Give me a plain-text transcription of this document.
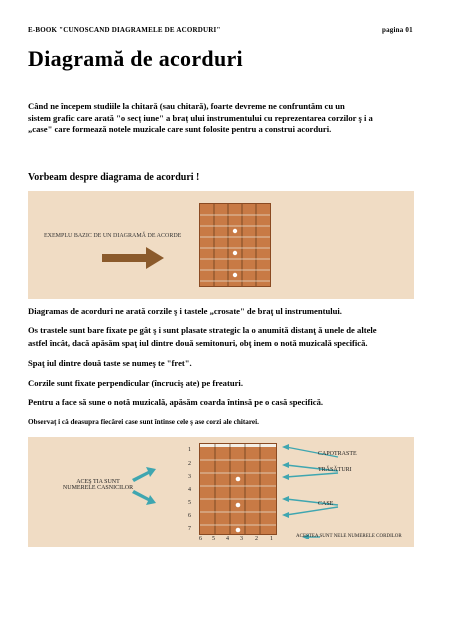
E-BOOK "CUNOSCAND DIAGRAMELE DE ACORDURI"	pagina 01
Diagramă de acorduri
Când ne începem studiile la chitară (sau chitară), foarte devreme ne confruntăm cu un
sistem grafic care arată "o secț iune" a braț ului instrumentului cu reprezentarea corzilor ş i a
„case" care formează notele muzicale care sunt folosite pentru a construi acorduri.
Vorbeam despre diagrama de acorduri !
EXEMPLU BAZIC DE UN DIAGRAMĂ DE ACORDE
Diagramas de acorduri ne arată corzile ş i tastele „crosate" de braţ ul instrumentului.
Os trastele sunt bare fixate pe gât ş i sunt plasate strategic la o anumită distanţ ă unele de altele
astfel încât, dacă apăsăm spaţ iul dintre două semitonuri, obţ inem o notă muzicală specifică.
Spaţ iul dintre două taste se numeş te "fret".
Corzile sunt fixate perpendicular (încruciş ate) pe freaturi.
Pentru a face să sune o notă muzicală, apăsăm coarda întinsă pe o casă specifică.
Observaţ i că deasupra fiecărei case sunt întinse cele ş ase corzi ale chitarei.
ACEŞ TIA SUNT
NUMERELE CASNICILOR
1
2
3
4
5
6
7
6 5 4 3 2 1
CAPOTRASTE
TRĂSĂTURI
CASE
ACESTEA SUNT NELE NUMERELE CORDILOR
